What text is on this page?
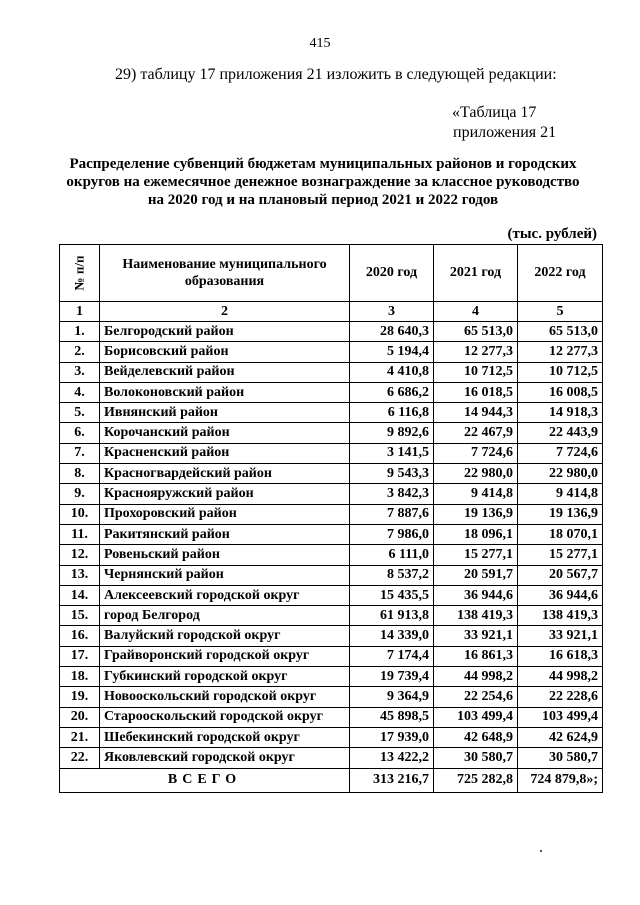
415
29) таблицу 17 приложения 21 изложить в следующей редакции:
«Таблица 17
приложения 21
Распределение субвенций бюджетам муниципальных районов и городских округов на ежемесячное денежное вознаграждение за классное руководство на 2020 год и на плановый период 2021 и 2022 годов
(тыс. рублей)
№ п/п	Наименование муниципального образования	2020 год	2021 год	2022 год
1	2	3	4	5
1.	Белгородский район	28 640,3	65 513,0	65 513,0
2.	Борисовский район	5 194,4	12 277,3	12 277,3
3.	Вейделевский район	4 410,8	10 712,5	10 712,5
4.	Волоконовский район	6 686,2	16 018,5	16 008,5
5.	Ивнянский район	6 116,8	14 944,3	14 918,3
6.	Корочанский район	9 892,6	22 467,9	22 443,9
7.	Красненский район	3 141,5	7 724,6	7 724,6
8.	Красногвардейский район	9 543,3	22 980,0	22 980,0
9.	Краснояружский район	3 842,3	9 414,8	9 414,8
10.	Прохоровский район	7 887,6	19 136,9	19 136,9
11.	Ракитянский район	7 986,0	18 096,1	18 070,1
12.	Ровеньский район	6 111,0	15 277,1	15 277,1
13.	Чернянский район	8 537,2	20 591,7	20 567,7
14.	Алексеевский городской округ	15 435,5	36 944,6	36 944,6
15.	город Белгород	61 913,8	138 419,3	138 419,3
16.	Валуйский городской округ	14 339,0	33 921,1	33 921,1
17.	Грайворонский городской округ	7 174,4	16 861,3	16 618,3
18.	Губкинский городской округ	19 739,4	44 998,2	44 998,2
19.	Новооскольский городской округ	9 364,9	22 254,6	22 228,6
20.	Старооскольский городской округ	45 898,5	103 499,4	103 499,4
21.	Шебекинский городской округ	17 939,0	42 648,9	42 624,9
22.	Яковлевский городской округ	13 422,2	30 580,7	30 580,7
ВСЕГО		313 216,7	725 282,8	724 879,8»;
